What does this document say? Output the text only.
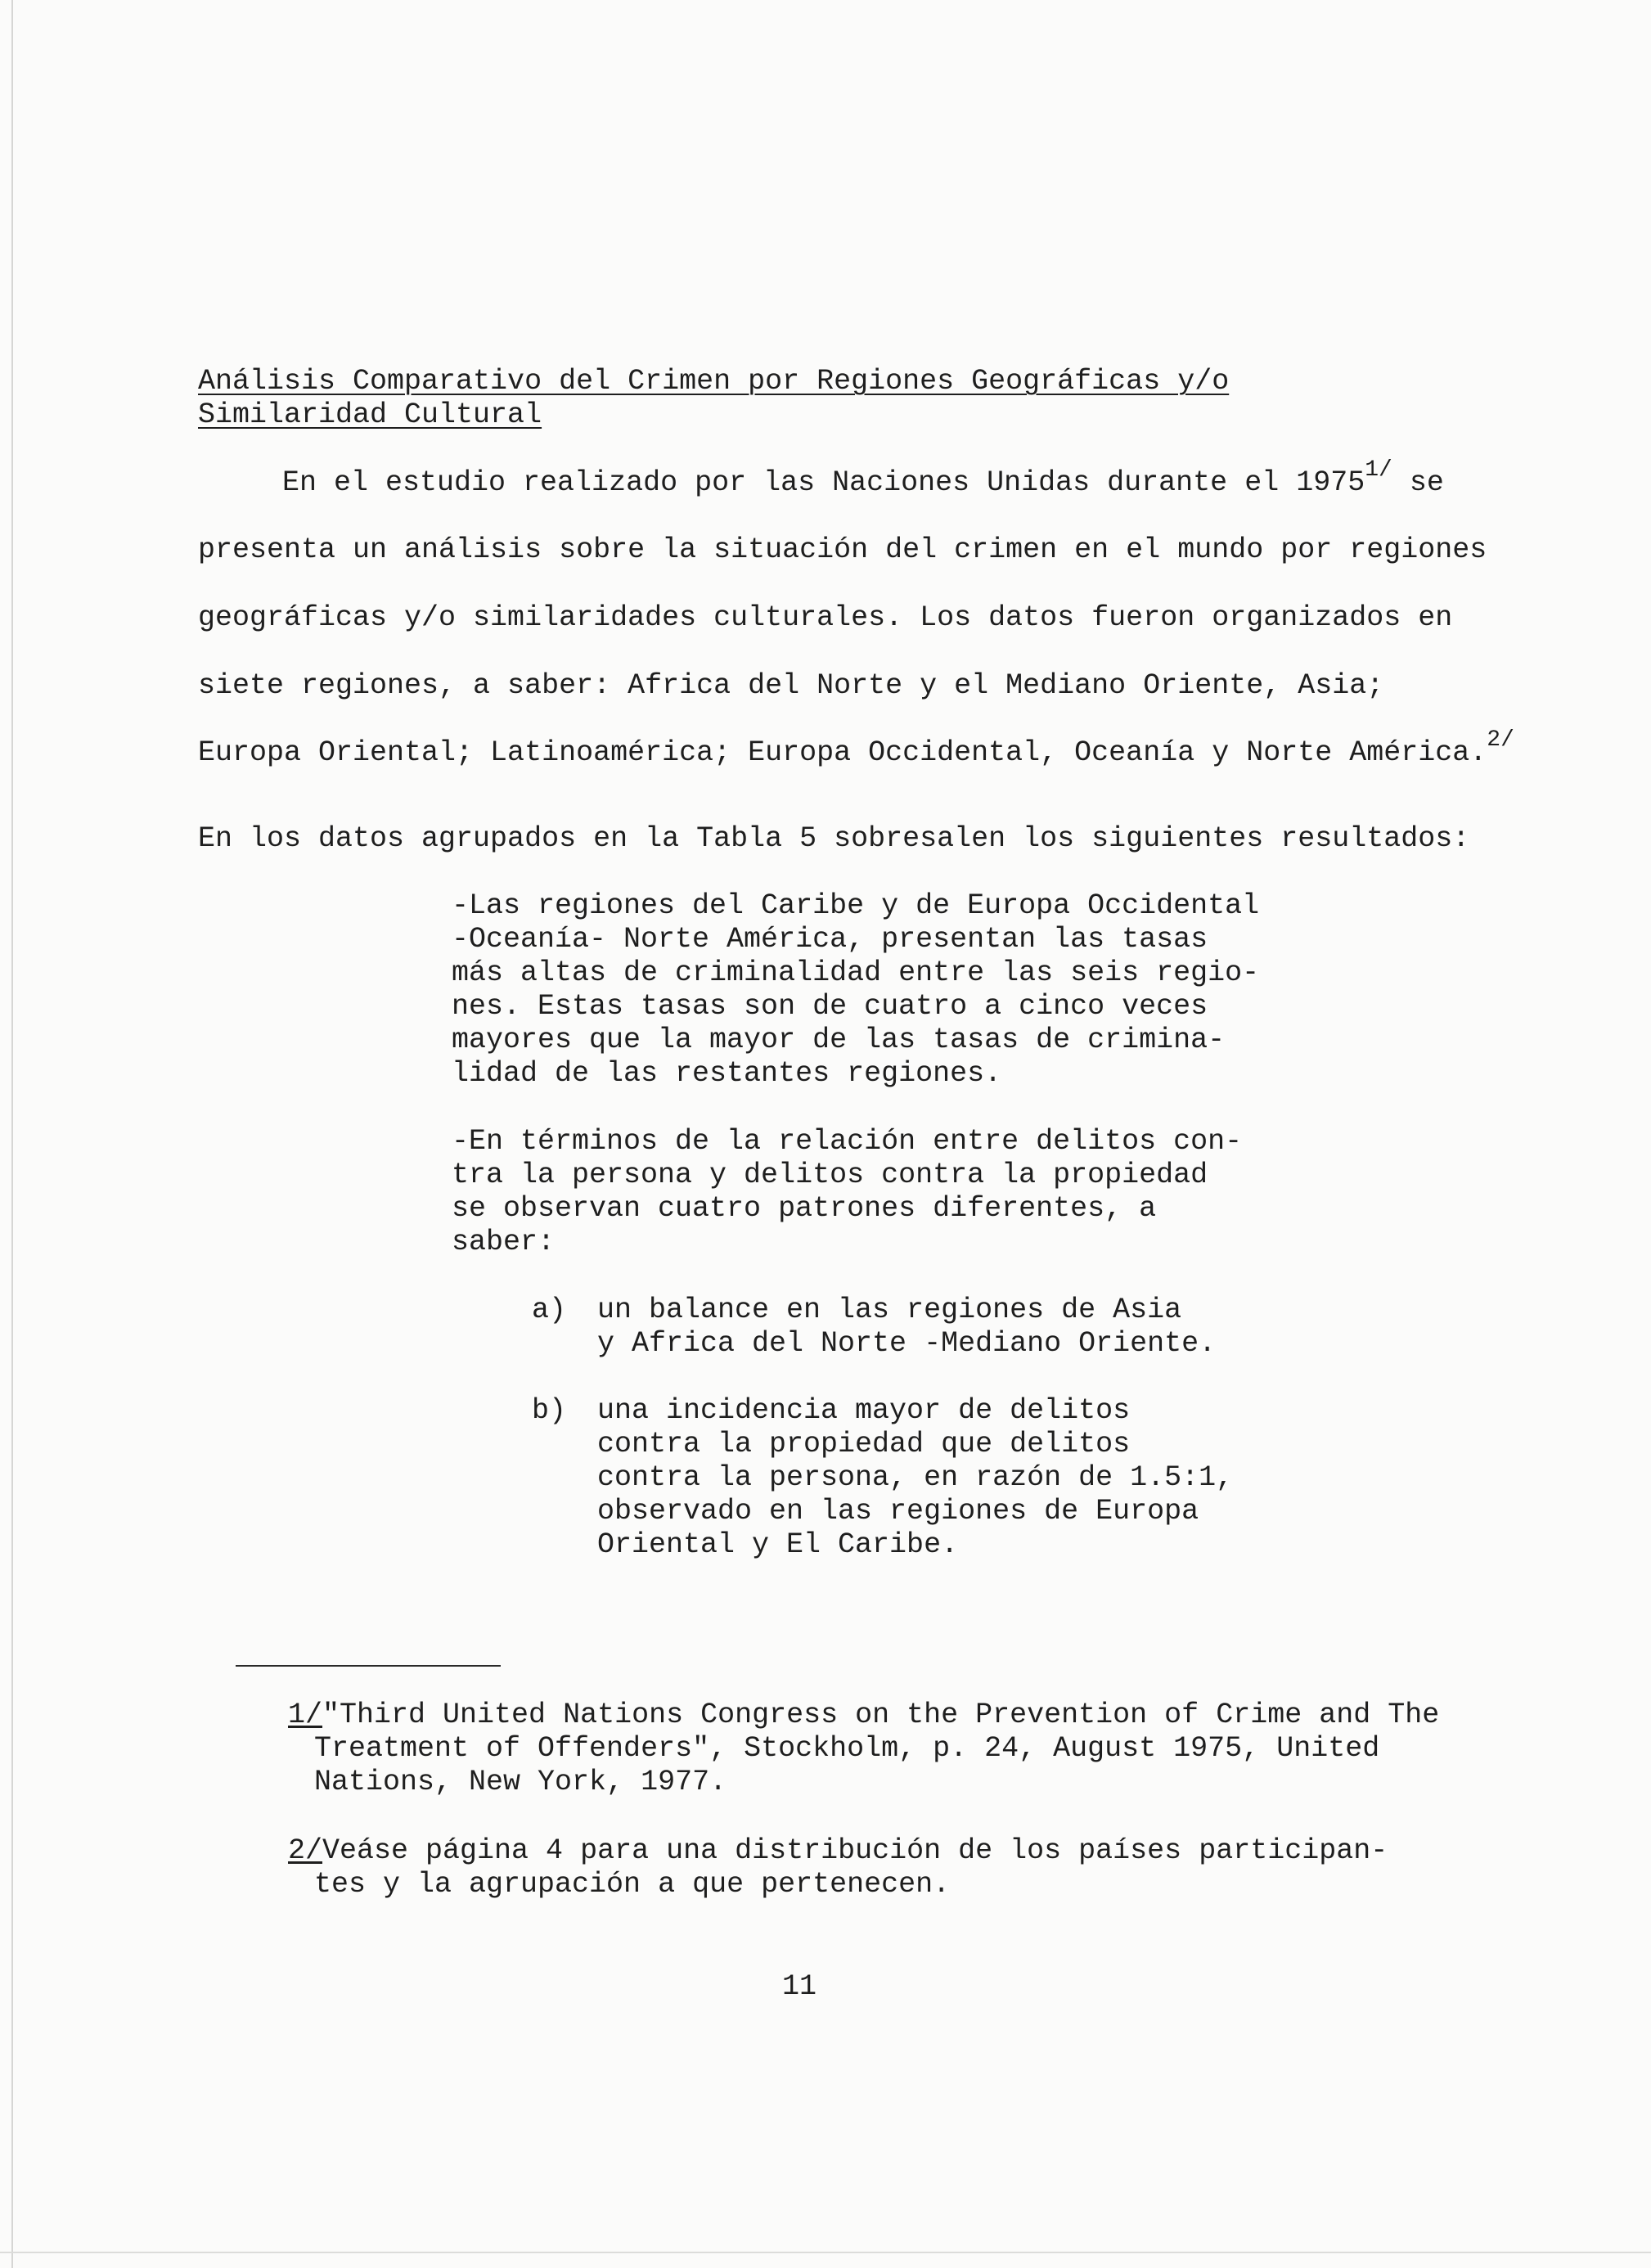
Análisis Comparativo del Crimen por Regiones Geográficas y/o
Similaridad Cultural
En el estudio realizado por las Naciones Unidas durante el $1975^{1/}$ se
presenta un análisis sobre la situación del crimen en el mundo por regiones
geográficas y/o similaridades culturales. Los datos fueron organizados en
siete regiones, a saber: Africa del Norte y el Mediano Oriente, Asia;
Europa Oriental; Latinoamérica; Europa Occidental, Oceanía y Norte América.$^{2/}$
En los datos agrupados en la Tabla 5 sobresalen los siguientes resultados:
-Las regiones del Caribe y de Europa Occidental
-Oceanía- Norte América, presentan las tasas
más altas de criminalidad entre las seis regio-
nes. Estas tasas son de cuatro a cinco veces
mayores que la mayor de las tasas de crimina-
lidad de las restantes regiones.
-En términos de la relación entre delitos con-
tra la persona y delitos contra la propiedad
se observan cuatro patrones diferentes, a
saber:
a) un balance en las regiones de Asia
y Africa del Norte -Mediano Oriente.
b) una incidencia mayor de delitos
contra la propiedad que delitos
contra la persona, en razón de 1.5:1,
observado en las regiones de Europa
Oriental y El Caribe.
1/"Third United Nations Congress on the Prevention of Crime and The
Treatment of Offenders", Stockholm, p. 24, August 1975, United
Nations, New York, 1977.
2/Veáse página 4 para una distribución de los países participan-
tes y la agrupación a que pertenecen.
11
